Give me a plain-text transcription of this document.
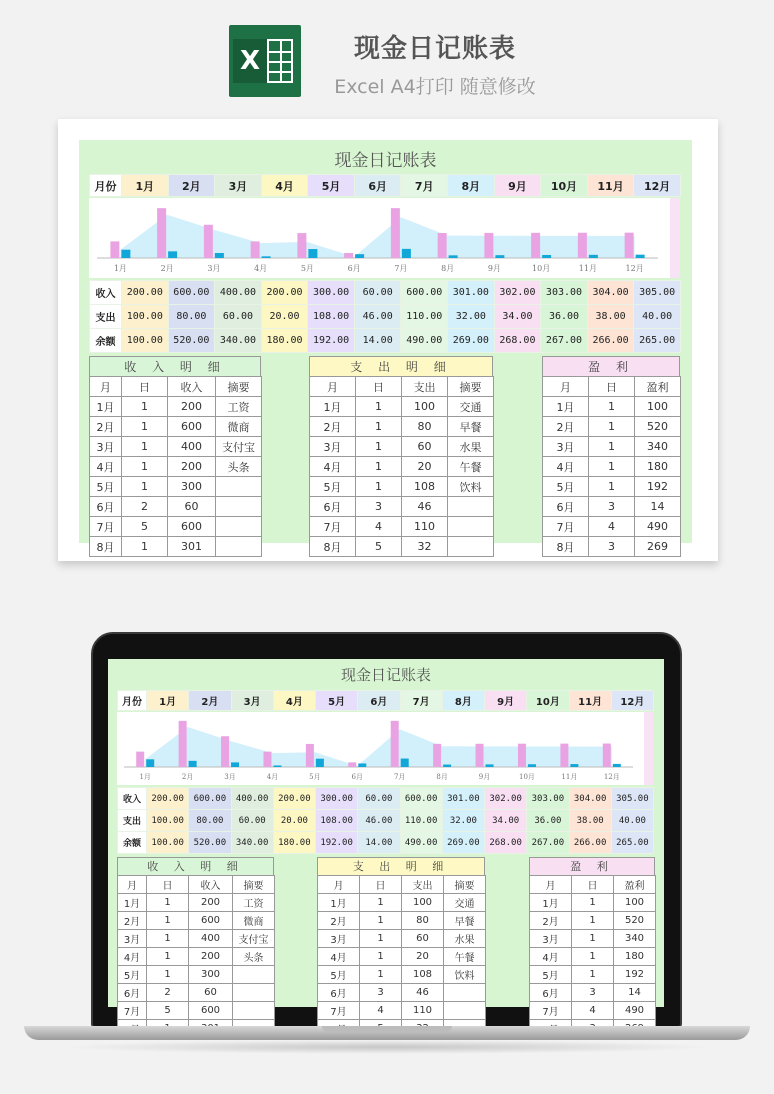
X	现金日记账表
Excel A4打印 随意修改
现金日记账表
月份	1月	2月	3月	4月	5月	6月	7月	8月	9月	10月	11月	12月
1月	2月	3月	4月	5月	6月	7月	8月	9月	10月	11月	12月
收入	200.00	600.00	400.00	200.00	300.00	60.00	600.00	301.00	302.00	303.00	304.00	305.00
支出	100.00	80.00	60.00	20.00	108.00	46.00	110.00	32.00	34.00	36.00	38.00	40.00
余额	100.00	520.00	340.00	180.00	192.00	14.00	490.00	269.00	268.00	267.00	266.00	265.00
收 入 明 细
月	日	收入	摘要
1月	1	200	工资
2月	1	600	微商
3月	1	400	支付宝
4月	1	200	头条
5月	1	300	
6月	2	60	
7月	5	600	
8月	1	301	
支 出 明 细
月	日	支出	摘要
1月	1	100	交通
2月	1	80	早餐
3月	1	60	水果
4月	1	20	午餐
5月	1	108	饮料
6月	3	46	
7月	4	110	
8月	5	32	
盈 利
月	日	盈利
1月	1	100
2月	1	520
3月	1	340
4月	1	180
5月	1	192
6月	3	14
7月	4	490
8月	3	269
现金日记账表
月份	1月	2月	3月	4月	5月	6月	7月	8月	9月	10月	11月	12月
1月	2月	3月	4月	5月	6月	7月	8月	9月	10月	11月	12月
收入	200.00	600.00	400.00	200.00	300.00	60.00	600.00	301.00	302.00	303.00	304.00	305.00
支出	100.00	80.00	60.00	20.00	108.00	46.00	110.00	32.00	34.00	36.00	38.00	40.00
余额	100.00	520.00	340.00	180.00	192.00	14.00	490.00	269.00	268.00	267.00	266.00	265.00
收 入 明 细
月	日	收入	摘要
1月	1	200	工资
2月	1	600	微商
3月	1	400	支付宝
4月	1	200	头条
5月	1	300	
6月	2	60	
7月	5	600	

支 出 明 细
月	日	支出	摘要
1月	1	100	交通
2月	1	80	早餐
3月	1	60	水果
4月	1	20	午餐
5月	1	108	饮料
6月	3	46	
7月	4	110	

盈 利
月	日	盈利
1月	1	100
2月	1	520
3月	1	340
4月	1	180
5月	1	192
6月	3	14
7月	4	490
